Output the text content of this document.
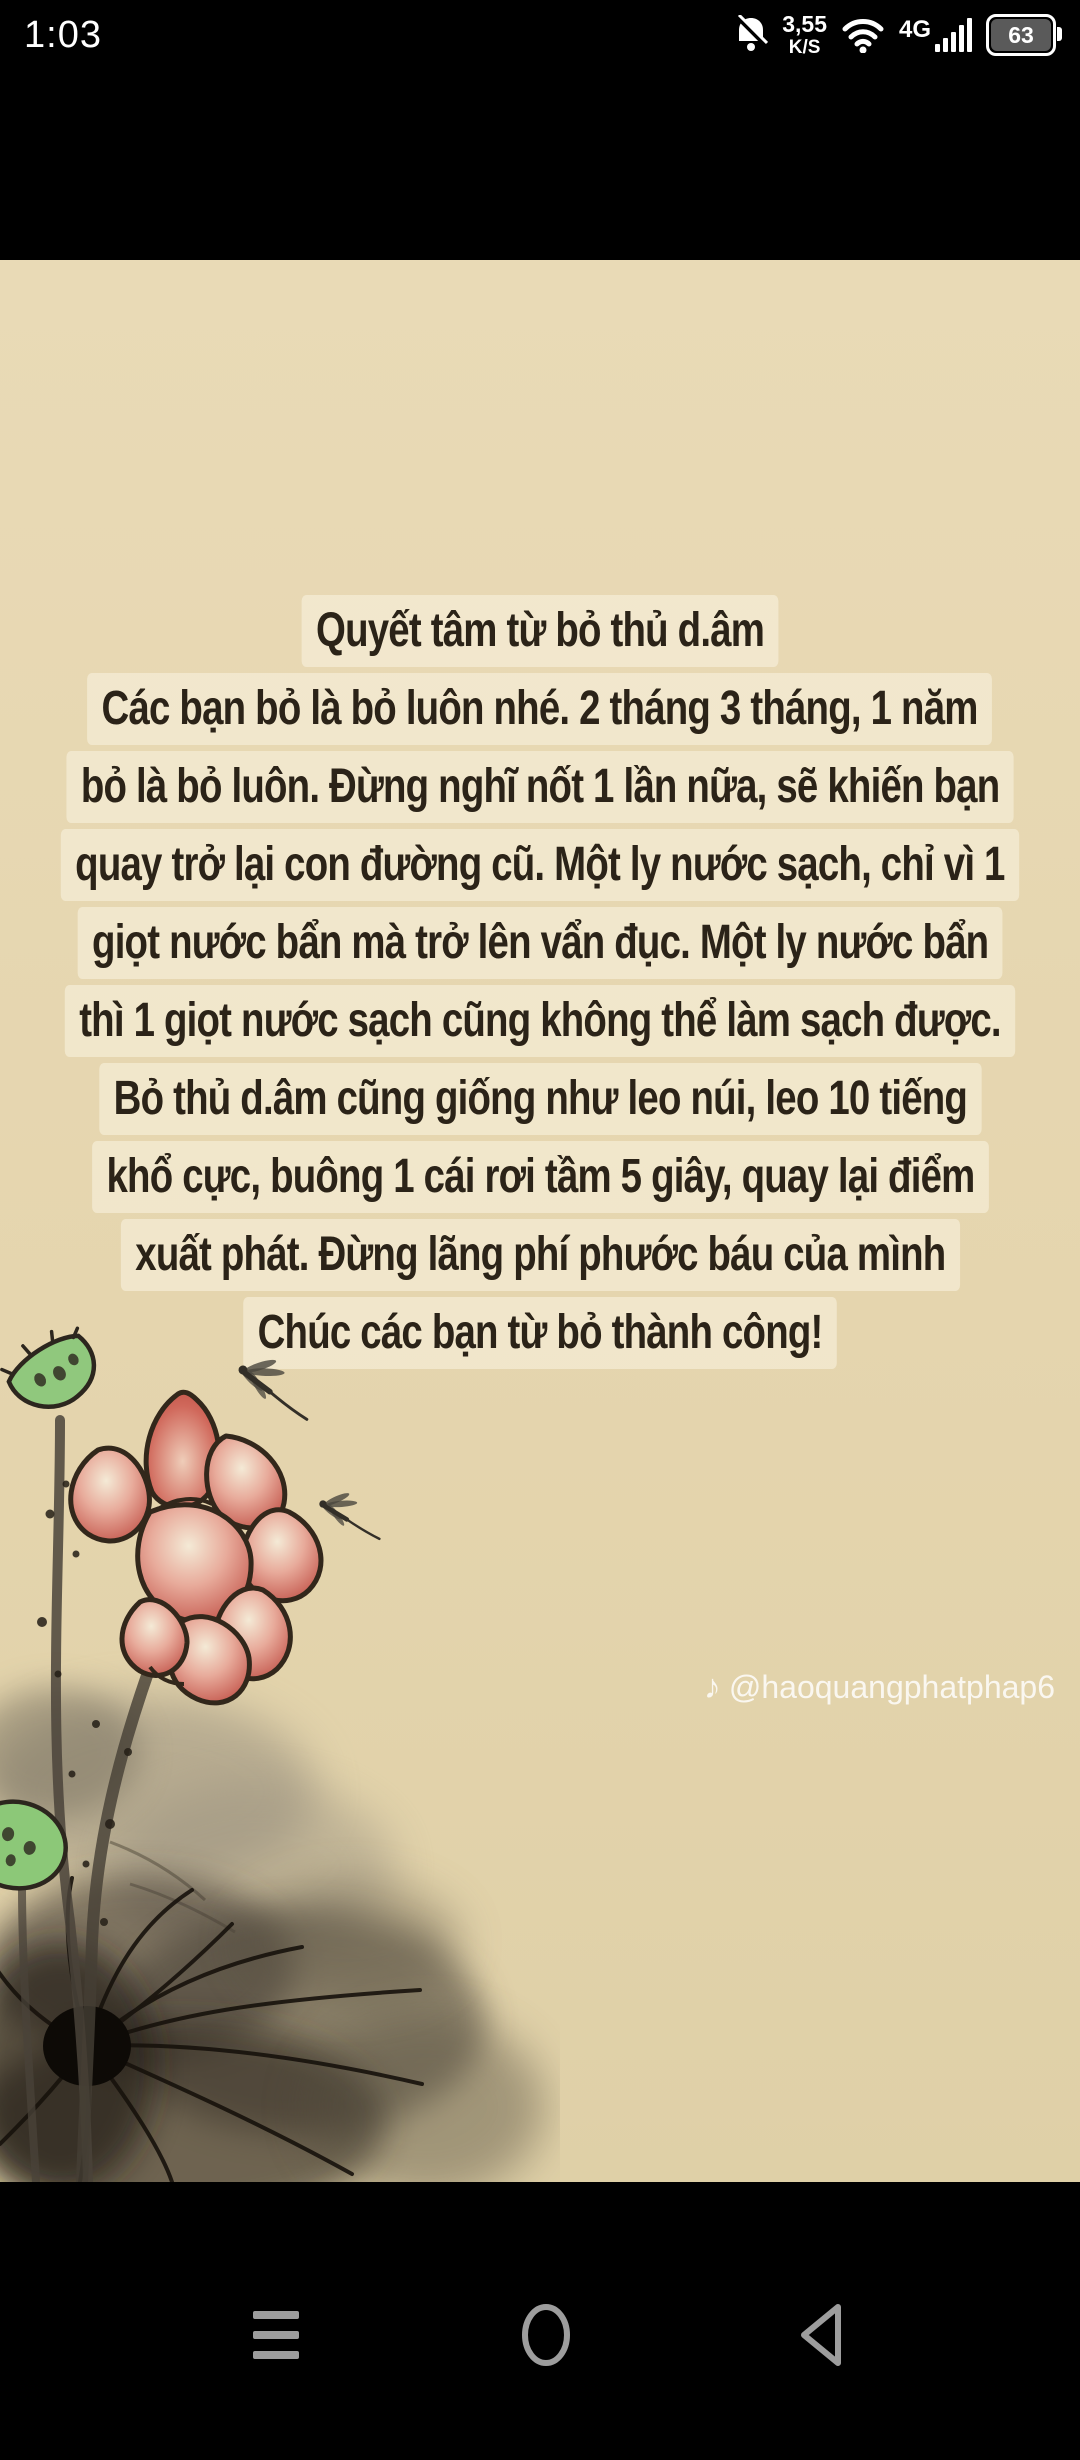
1:03	3,55
K/S
4G	63
Quyết tâm từ bỏ thủ d.âm
Các bạn bỏ là bỏ luôn nhé. 2 tháng 3 tháng, 1 năm
bỏ là bỏ luôn. Đừng nghĩ nốt 1 lần nữa, sẽ khiến bạn
quay trở lại con đường cũ. Một ly nước sạch, chỉ vì 1
giọt nước bẩn mà trở lên vẩn đục. Một ly nước bẩn
thì 1 giọt nước sạch cũng không thể làm sạch được.
Bỏ thủ d.âm cũng giống như leo núi, leo 10 tiếng
khổ cực, buông 1 cái rơi tầm 5 giây, quay lại điểm
xuất phát. Đừng lãng phí phước báu của mình
Chúc các bạn từ bỏ thành công!
♪ @haoquangphatphap6
